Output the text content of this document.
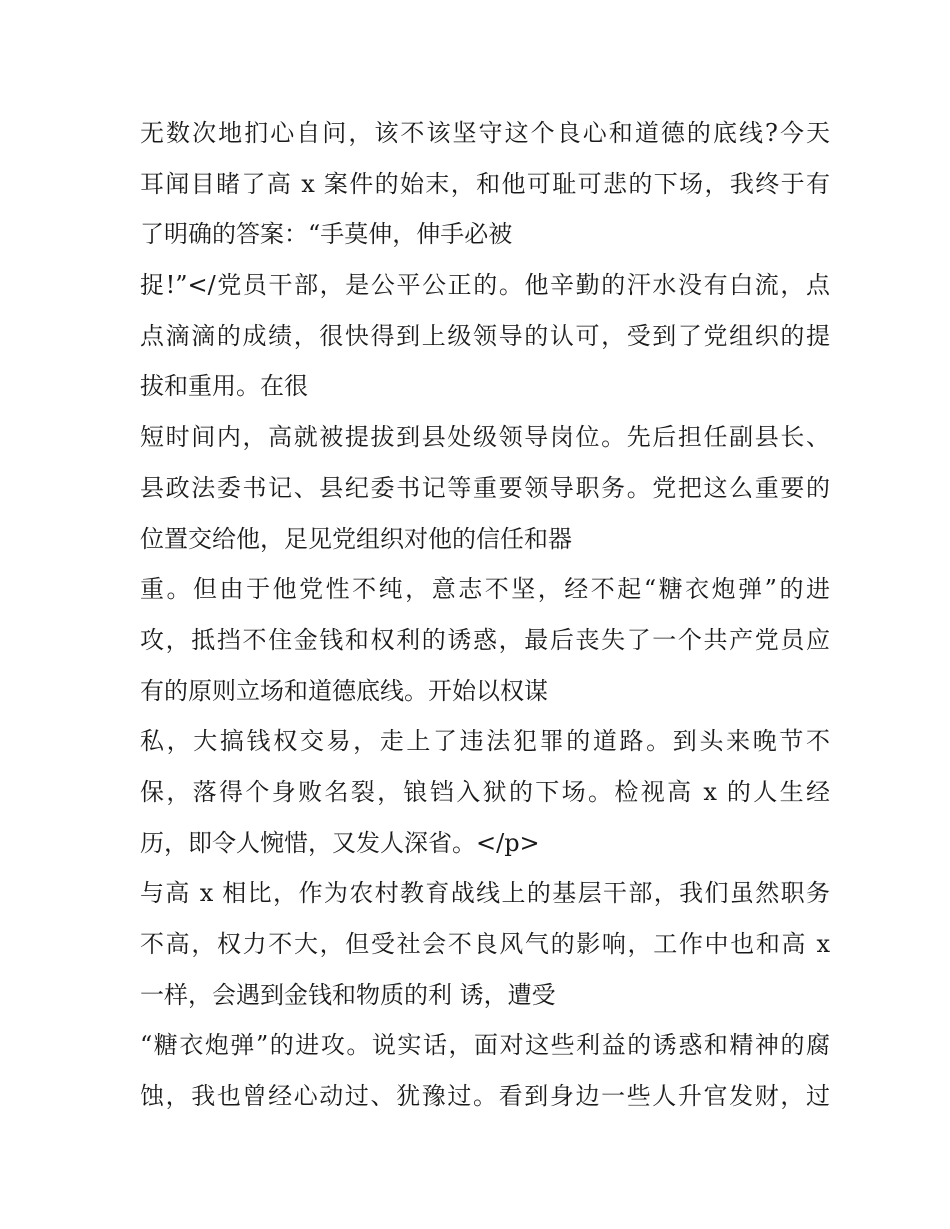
无数次地扪心自问，该不该坚守这个良心和道德的底线?今天
耳闻目睹了高 x 案件的始末，和他可耻可悲的下场，我终于有
了明确的答案：“手莫伸，伸手必被
捉!”</党员干部，是公平公正的。他辛勤的汗水没有白流，点
点滴滴的成绩，很快得到上级领导的认可，受到了党组织的提
拔和重用。在很
短时间内，高就被提拔到县处级领导岗位。先后担任副县长、
县政法委书记、县纪委书记等重要领导职务。党把这么重要的
位置交给他，足见党组织对他的信任和器
重。但由于他党性不纯，意志不坚，经不起“糖衣炮弹”的进
攻，抵挡不住金钱和权利的诱惑，最后丧失了一个共产党员应
有的原则立场和道德底线。开始以权谋
私，大搞钱权交易，走上了违法犯罪的道路。到头来晚节不
保，落得个身败名裂，锒铛入狱的下场。检视高 x 的人生经
历，即令人惋惜，又发人深省。</p>
与高 x 相比，作为农村教育战线上的基层干部，我们虽然职务
不高，权力不大，但受社会不良风气的影响，工作中也和高 x
一样，会遇到金钱和物质的利 诱，遭受
“糖衣炮弹”的进攻。说实话，面对这些利益的诱惑和精神的腐
蚀，我也曾经心动过、犹豫过。看到身边一些人升官发财，过
